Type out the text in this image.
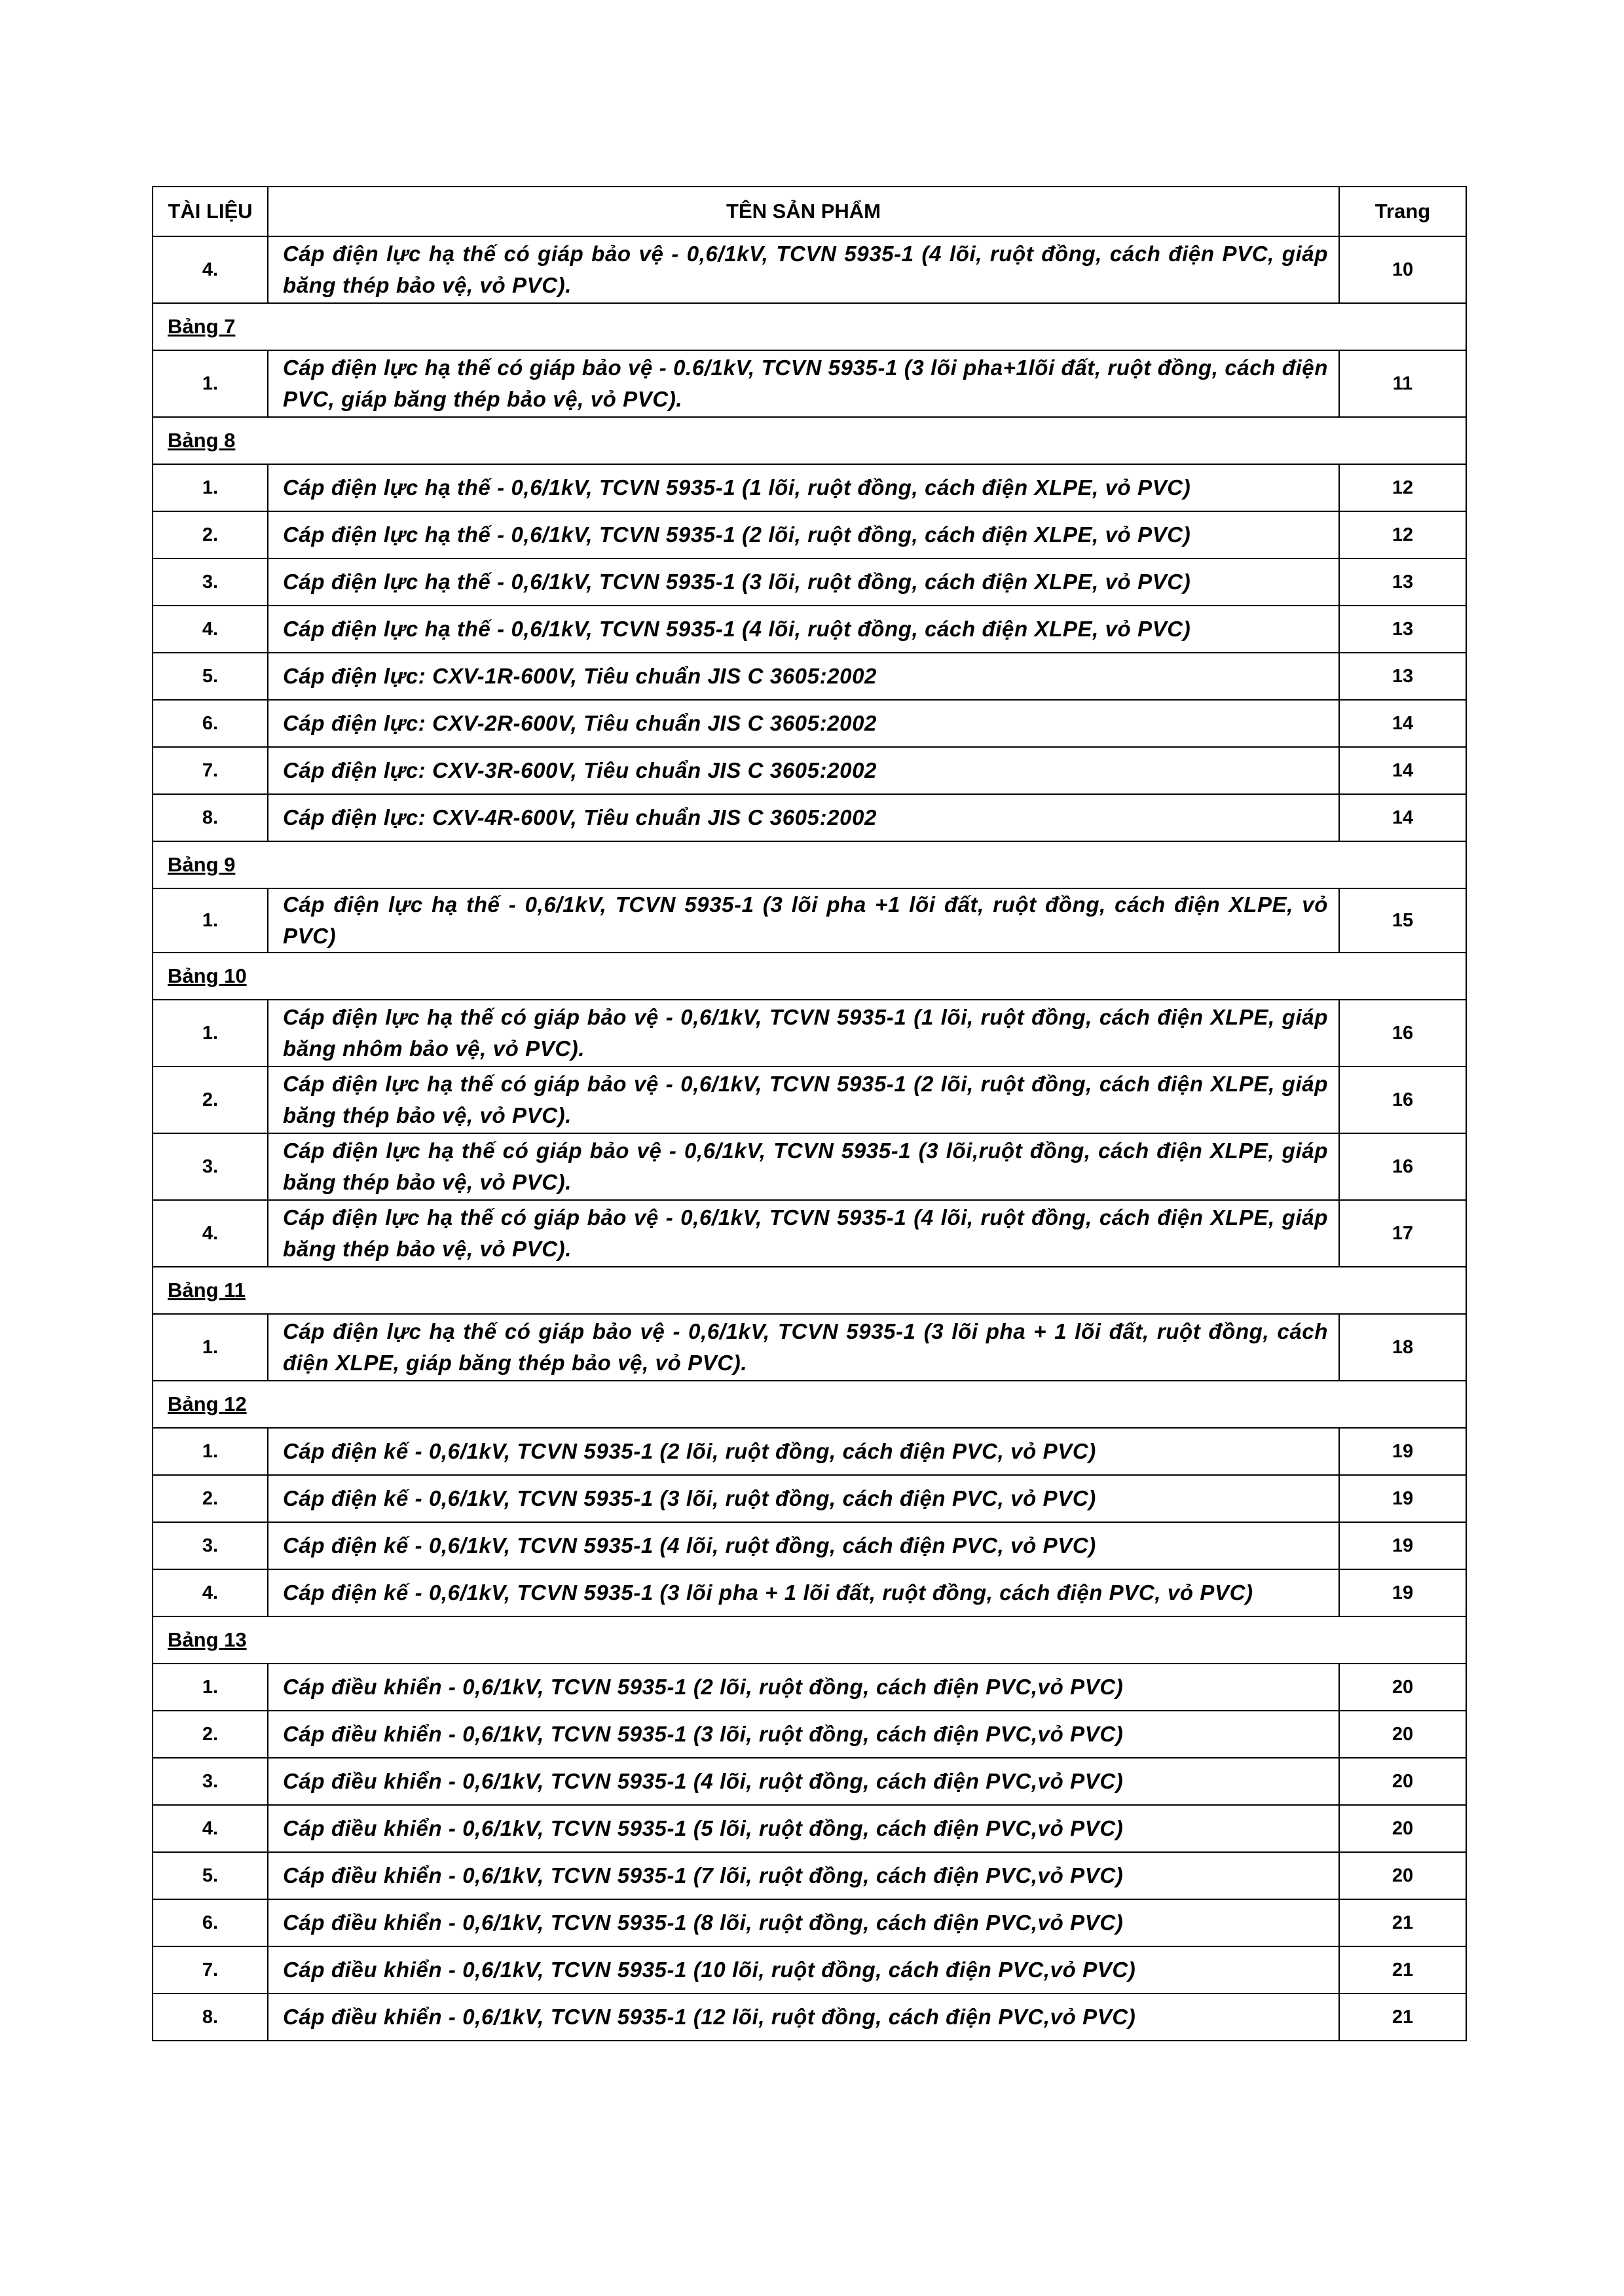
TÀI LIỆU	TÊN SẢN PHẨM	Trang
4.	Cáp điện lực hạ thế có giáp bảo vệ - 0,6/1kV, TCVN 5935-1 (4 lõi, ruột đồng, cách điện PVC, giáp băng thép bảo vệ, vỏ PVC).	10
Bảng 7		
1.	Cáp điện lực hạ thế có giáp bảo vệ - 0.6/1kV, TCVN 5935-1 (3 lõi pha+1lõi đất, ruột đồng, cách điện PVC, giáp băng thép bảo vệ, vỏ PVC).	11
Bảng 8		
1.	Cáp điện lực hạ thế - 0,6/1kV, TCVN 5935-1 (1 lõi, ruột đồng, cách điện XLPE, vỏ PVC)	12
2.	Cáp điện lực hạ thế - 0,6/1kV, TCVN 5935-1 (2 lõi, ruột đồng, cách điện XLPE, vỏ PVC)	12
3.	Cáp điện lực hạ thế - 0,6/1kV, TCVN 5935-1 (3 lõi, ruột đồng, cách điện XLPE, vỏ PVC)	13
4.	Cáp điện lực hạ thế - 0,6/1kV, TCVN 5935-1 (4 lõi, ruột đồng, cách điện XLPE, vỏ PVC)	13
5.	Cáp điện lực: CXV-1R-600V, Tiêu chuẩn JIS C 3605:2002	13
6.	Cáp điện lực: CXV-2R-600V, Tiêu chuẩn JIS C 3605:2002	14
7.	Cáp điện lực: CXV-3R-600V, Tiêu chuẩn JIS C 3605:2002	14
8.	Cáp điện lực: CXV-4R-600V, Tiêu chuẩn JIS C 3605:2002	14
Bảng 9		
1.	Cáp điện lực hạ thế - 0,6/1kV, TCVN 5935-1 (3 lõi pha +1 lõi đất, ruột đồng, cách điện XLPE, vỏ PVC)	15
Bảng 10		
1.	Cáp điện lực hạ thế có giáp bảo vệ - 0,6/1kV, TCVN 5935-1 (1 lõi, ruột đồng, cách điện XLPE, giáp băng nhôm bảo vệ, vỏ PVC).	16
2.	Cáp điện lực hạ thế có giáp bảo vệ - 0,6/1kV, TCVN 5935-1 (2 lõi, ruột đồng, cách điện XLPE, giáp băng thép bảo vệ, vỏ PVC).	16
3.	Cáp điện lực hạ thế có giáp bảo vệ - 0,6/1kV, TCVN 5935-1 (3 lõi,ruột đồng, cách điện XLPE, giáp băng thép bảo vệ, vỏ PVC).	16
4.	Cáp điện lực hạ thế có giáp bảo vệ - 0,6/1kV, TCVN 5935-1 (4 lõi, ruột đồng, cách điện XLPE, giáp băng thép bảo vệ, vỏ PVC).	17
Bảng 11		
1.	Cáp điện lực hạ thế có giáp bảo vệ - 0,6/1kV, TCVN 5935-1 (3 lõi pha + 1 lõi đất, ruột đồng, cách điện XLPE, giáp băng thép bảo vệ, vỏ PVC).	18
Bảng 12		
1.	Cáp điện kế - 0,6/1kV, TCVN 5935-1 (2 lõi, ruột đồng, cách điện PVC, vỏ PVC)	19
2.	Cáp điện kế - 0,6/1kV, TCVN 5935-1 (3 lõi, ruột đồng, cách điện PVC, vỏ PVC)	19
3.	Cáp điện kế - 0,6/1kV, TCVN 5935-1 (4 lõi, ruột đồng, cách điện PVC, vỏ PVC)	19
4.	Cáp điện kế - 0,6/1kV, TCVN 5935-1 (3 lõi pha + 1 lõi đất, ruột đồng, cách điện PVC, vỏ PVC)	19
Bảng 13		
1.	Cáp điều khiển - 0,6/1kV, TCVN 5935-1 (2 lõi, ruột đồng, cách điện PVC,vỏ PVC)	20
2.	Cáp điều khiển - 0,6/1kV, TCVN 5935-1 (3 lõi, ruột đồng, cách điện PVC,vỏ PVC)	20
3.	Cáp điều khiển - 0,6/1kV, TCVN 5935-1 (4 lõi, ruột đồng, cách điện PVC,vỏ PVC)	20
4.	Cáp điều khiển - 0,6/1kV, TCVN 5935-1 (5 lõi, ruột đồng, cách điện PVC,vỏ PVC)	20
5.	Cáp điều khiển - 0,6/1kV, TCVN 5935-1 (7 lõi, ruột đồng, cách điện PVC,vỏ PVC)	20
6.	Cáp điều khiển - 0,6/1kV, TCVN 5935-1 (8 lõi, ruột đồng, cách điện PVC,vỏ PVC)	21
7.	Cáp điều khiển - 0,6/1kV, TCVN 5935-1 (10 lõi, ruột đồng, cách điện PVC,vỏ PVC)	21
8.	Cáp điều khiển - 0,6/1kV, TCVN 5935-1 (12 lõi, ruột đồng, cách điện PVC,vỏ PVC)	21
